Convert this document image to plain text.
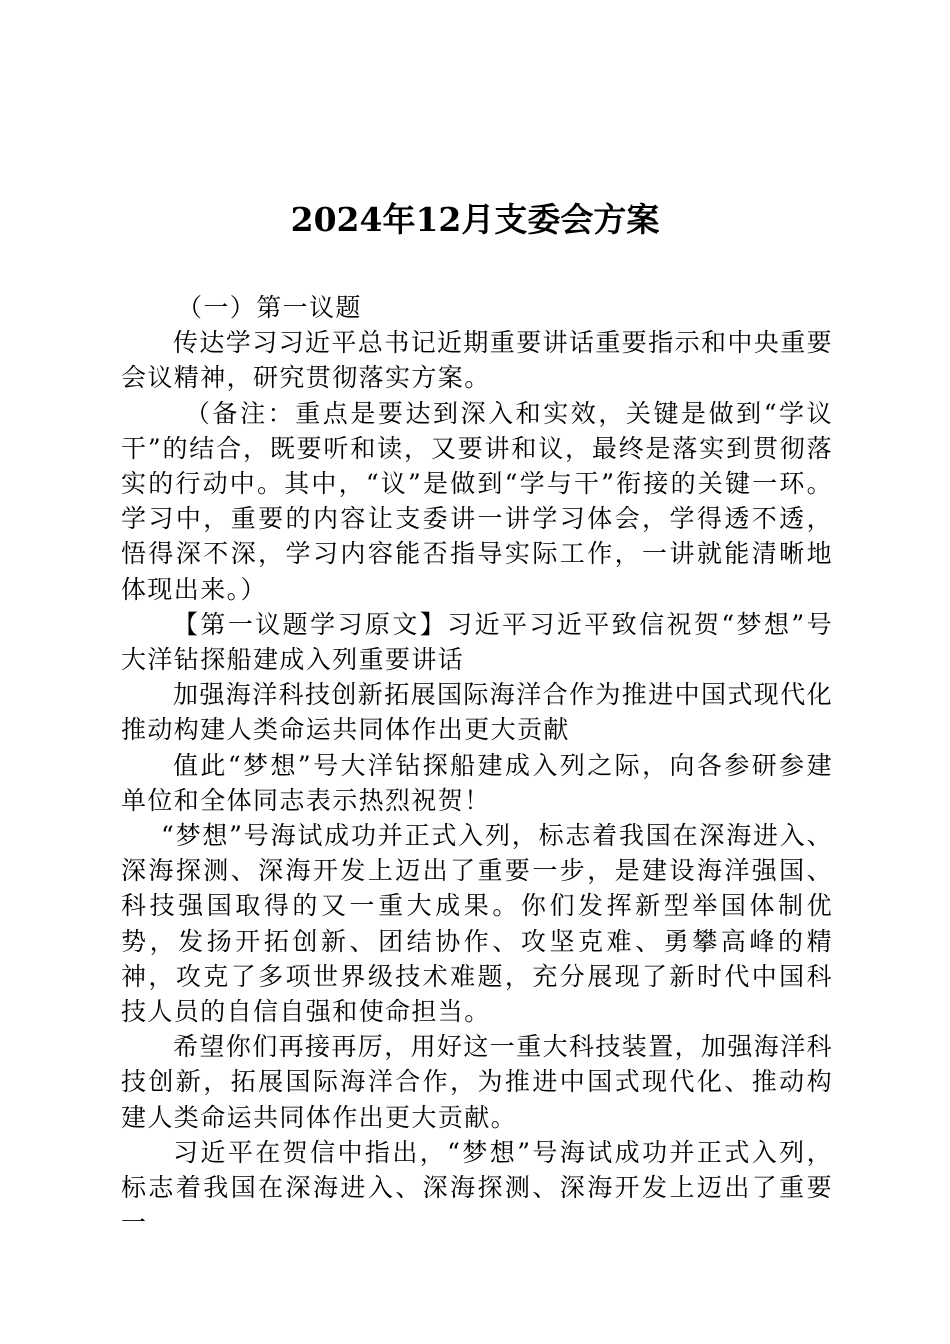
2024年12月支委会方案

（一）第一议题

传达学习习近平总书记近期重要讲话重要指示和中央重要会议精神，研究贯彻落实方案。

（备注：重点是要达到深入和实效，关键是做到“学议干”的结合，既要听和读，又要讲和议，最终是落实到贯彻落实的行动中。其中，“议”是做到“学与干”衔接的关键一环。学习中，重要的内容让支委讲一讲学习体会，学得透不透，悟得深不深，学习内容能否指导实际工作，一讲就能清晰地体现出来。）

【第一议题学习原文】习近平习近平致信祝贺“梦想”号大洋钻探船建成入列重要讲话

加强海洋科技创新拓展国际海洋合作为推进中国式现代化推动构建人类命运共同体作出更大贡献

值此“梦想”号大洋钻探船建成入列之际，向各参研参建单位和全体同志表示热烈祝贺！

“梦想”号海试成功并正式入列，标志着我国在深海进入、深海探测、深海开发上迈出了重要一步，是建设海洋强国、科技强国取得的又一重大成果。你们发挥新型举国体制优势，发扬开拓创新、团结协作、攻坚克难、勇攀高峰的精神，攻克了多项世界级技术难题，充分展现了新时代中国科技人员的自信自强和使命担当。

希望你们再接再厉，用好这一重大科技装置，加强海洋科技创新，拓展国际海洋合作，为推进中国式现代化、推动构建人类命运共同体作出更大贡献。

习近平在贺信中指出，“梦想”号海试成功并正式入列，标志着我国在深海进入、深海探测、深海开发上迈出了重要一
